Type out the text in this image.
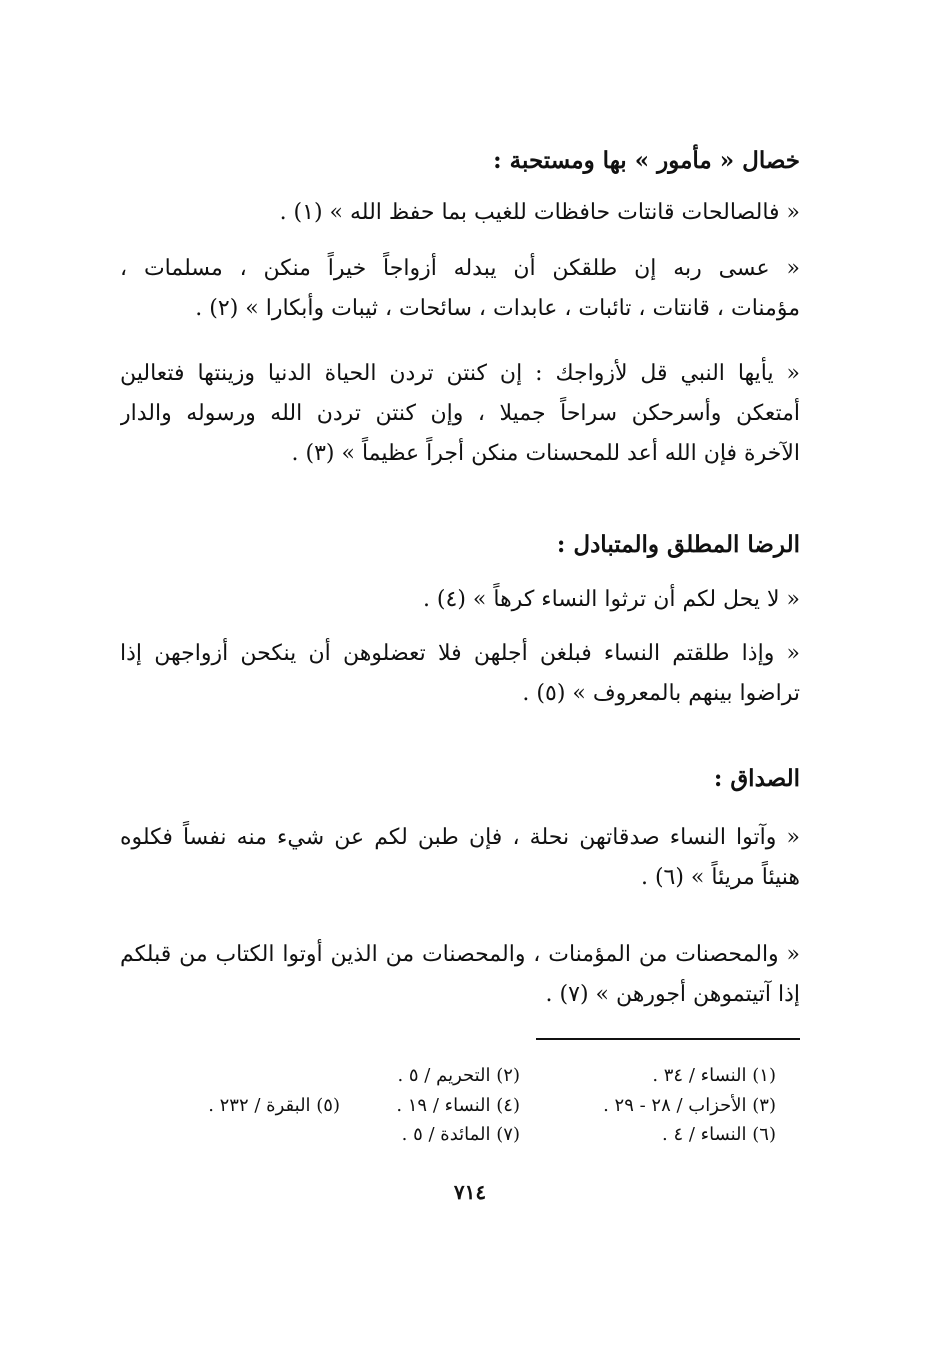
خصال « مأمور » بها ومستحبة :
« فالصالحات قانتات حافظات للغيب بما حفظ الله » (١) .
« عسى ربه إن طلقكن أن يبدله أزواجاً خيراً منكن ، مسلمات ،
مؤمنات ، قانتات ، تائبات ، عابدات ، سائحات ، ثيبات وأبكارا » (٢) .
« يأيها النبي قل لأزواجك : إن كنتن تردن الحياة الدنيا وزينتها فتعالين
أمتعكن وأسرحكن سراحاً جميلا ، وإن كنتن تردن الله ورسوله والدار
الآخرة فإن الله أعد للمحسنات منكن أجراً عظيماً » (٣) .
الرضا المطلق والمتبادل :
« لا يحل لكم أن ترثوا النساء كرهاً » (٤) .
« وإذا طلقتم النساء فبلغن أجلهن فلا تعضلوهن أن ينكحن أزواجهن إذا
تراضوا بينهم بالمعروف » (٥) .
الصداق :
« وآتوا النساء صدقاتهن نحلة ، فإن طبن لكم عن شيء منه نفساً فكلوه
هنيئاً مريئاً » (٦) .
« والمحصنات من المؤمنات ، والمحصنات من الذين أوتوا الكتاب من قبلكم
إذا آتيتموهن أجورهن » (٧) .
(١) النساء / ٣٤ .
(٢) التحريم / ٥ .
(٣) الأحزاب / ٢٨ - ٢٩ .
(٤) النساء / ١٩ .
(٥) البقرة / ٢٣٢ .
(٦) النساء / ٤ .
(٧) المائدة / ٥ .
٧١٤
